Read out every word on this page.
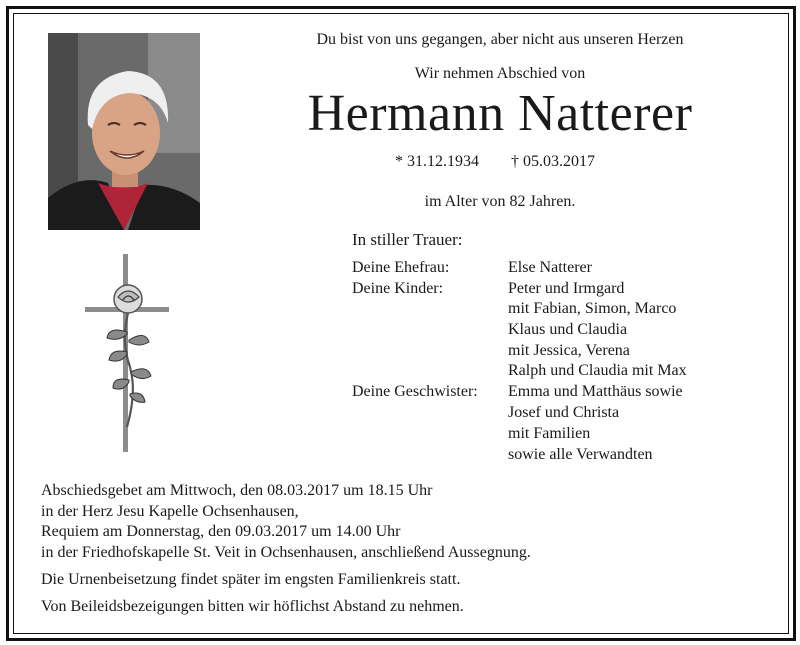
Du bist von uns gegangen, aber nicht aus unseren Herzen
Wir nehmen Abschied von
Hermann Natterer
* 31.12.1934 † 05.03.2017
im Alter von 82 Jahren.
In stiller Trauer:
Deine Ehefrau:	Else Natterer
Deine Kinder:	Peter und Irmgard
mit Fabian, Simon, Marco
Klaus und Claudia
mit Jessica, Verena
Ralph und Claudia mit Max
Deine Geschwister: Emma und Matthäus sowie
Josef und Christa
mit Familien
sowie alle Verwandten
Abschiedsgebet am Mittwoch, den 08.03.2017 um 18.15 Uhr
in der Herz Jesu Kapelle Ochsenhausen,
Requiem am Donnerstag, den 09.03.2017 um 14.00 Uhr
in der Friedhofskapelle St. Veit in Ochsenhausen, anschließend Aussegnung.
Die Urnenbeisetzung findet später im engsten Familienkreis statt.
Von Beileidsbezeigungen bitten wir höflichst Abstand zu nehmen.
